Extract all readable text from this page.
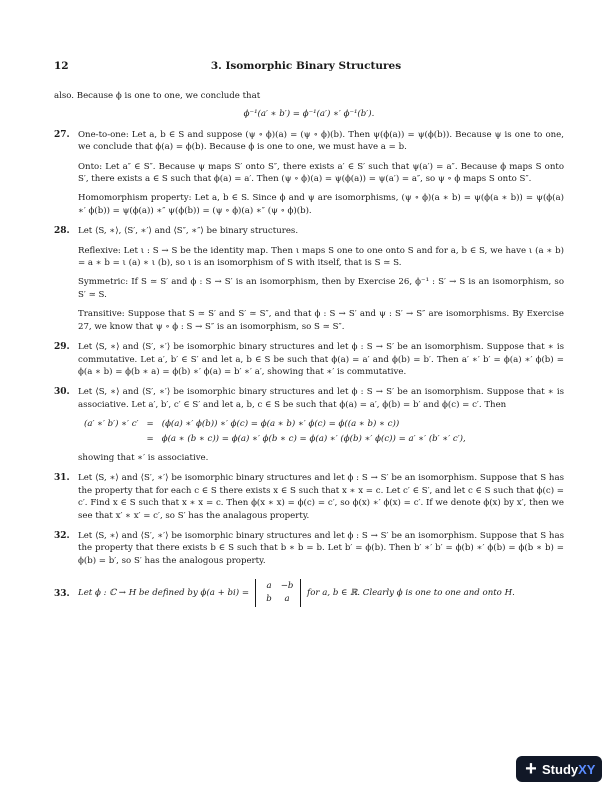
12	3. Isomorphic Binary Structures

also. Because ϕ is one to one, we conclude that

ϕ⁻¹(a′ ∗ b′) = ϕ⁻¹(a′) ∗′ ϕ⁻¹(b′).
27. One-to-one: Let a, b ∈ S and suppose (ψ ∘ ϕ)(a) = (ψ ∘ ϕ)(b). Then ψ(ϕ(a)) = ψ(ϕ(b)). Because ψ is one to one, we conclude that ϕ(a) = ϕ(b). Because ϕ is one to one, we must have a = b.

Onto: Let a″ ∈ S″. Because ψ maps S′ onto S″, there exists a′ ∈ S′ such that ψ(a′) = a″. Because ϕ maps S onto S′, there exists a ∈ S such that ϕ(a) = a′. Then (ψ ∘ ϕ)(a) = ψ(ϕ(a)) = ψ(a′) = a″, so ψ ∘ ϕ maps S onto S″.

Homomorphism property: Let a, b ∈ S. Since ϕ and ψ are isomorphisms, (ψ ∘ ϕ)(a ∗ b) = ψ(ϕ(a ∗ b)) = ψ(ϕ(a) ∗′ ϕ(b)) = ψ(ϕ(a)) ∗″ ψ(ϕ(b)) = (ψ ∘ ϕ)(a) ∗″ (ψ ∘ ϕ)(b).

28. Let ⟨S, ∗⟩, ⟨S′, ∗′⟩ and ⟨S″, ∗″⟩ be binary structures.

Reflexive: Let ι : S → S be the identity map. Then ι maps S one to one onto S and for a, b ∈ S, we have ι (a ∗ b) = a ∗ b = ι (a) ∗ ι (b), so ι is an isomorphism of S with itself, that is S ≃ S.

Symmetric: If S ≃ S′ and ϕ : S → S′ is an isomorphism, then by Exercise 26, ϕ⁻¹ : S′ → S is an isomorphism, so S′ ≃ S.

Transitive: Suppose that S ≃ S′ and S′ ≃ S″, and that ϕ : S → S′ and ψ : S′ → S″ are isomorphisms. By Exercise 27, we know that ψ ∘ ϕ : S → S″ is an isomorphism, so S ≃ S″.

29. Let ⟨S, ∗⟩ and ⟨S′, ∗′⟩ be isomorphic binary structures and let ϕ : S → S′ be an isomorphism. Suppose that ∗ is commutative. Let a′, b′ ∈ S′ and let a, b ∈ S be such that ϕ(a) = a′ and ϕ(b) = b′. Then a′ ∗′ b′ = ϕ(a) ∗′ ϕ(b) = ϕ(a ∗ b) = ϕ(b ∗ a) = ϕ(b) ∗′ ϕ(a) = b′ ∗′ a′, showing that ∗′ is commutative.

30. Let ⟨S, ∗⟩ and ⟨S′, ∗′⟩ be isomorphic binary structures and let ϕ : S → S′ be an isomorphism. Suppose that ∗ is associative. Let a′, b′, c′ ∈ S′ and let a, b, c ∈ S be such that ϕ(a) = a′, ϕ(b) = b′ and ϕ(c) = c′. Then

(a′ ∗′ b′) ∗′ c′	=	(ϕ(a) ∗′ ϕ(b)) ∗′ ϕ(c) = ϕ(a ∗ b) ∗′ ϕ(c) = ϕ((a ∗ b) ∗ c))
	=	ϕ(a ∗ (b ∗ c)) = ϕ(a) ∗′ ϕ(b ∗ c) = ϕ(a) ∗′ (ϕ(b) ∗′ ϕ(c)) = a′ ∗′ (b′ ∗′ c′),

showing that ∗′ is associative.

31. Let ⟨S, ∗⟩ and ⟨S′, ∗′⟩ be isomorphic binary structures and let ϕ : S → S′ be an isomorphism. Suppose that S has the property that for each c ∈ S there exists x ∈ S such that x ∗ x = c. Let c′ ∈ S′, and let c ∈ S such that ϕ(c) = c′. Find x ∈ S such that x ∗ x = c. Then ϕ(x ∗ x) = ϕ(c) = c′, so ϕ(x) ∗′ ϕ(x) = c′. If we denote ϕ(x) by x′, then we see that x′ ∗ x′ = c′, so S′ has the analagous property.

32. Let ⟨S, ∗⟩ and ⟨S′, ∗′⟩ be isomorphic binary structures and let ϕ : S → S′ be an isomorphism. Suppose that S has the property that there exists b ∈ S such that b ∗ b = b. Let b′ = ϕ(b). Then b′ ∗′ b′ = ϕ(b) ∗′ ϕ(b) = ϕ(b ∗ b) = ϕ(b) = b′, so S′ has the analogous property.

33. Let ϕ : ℂ → H be defined by ϕ(a + bi) =
a	−b
b	a
for a, b ∈ ℝ. Clearly ϕ is one to one and onto H.
+ Study XY
